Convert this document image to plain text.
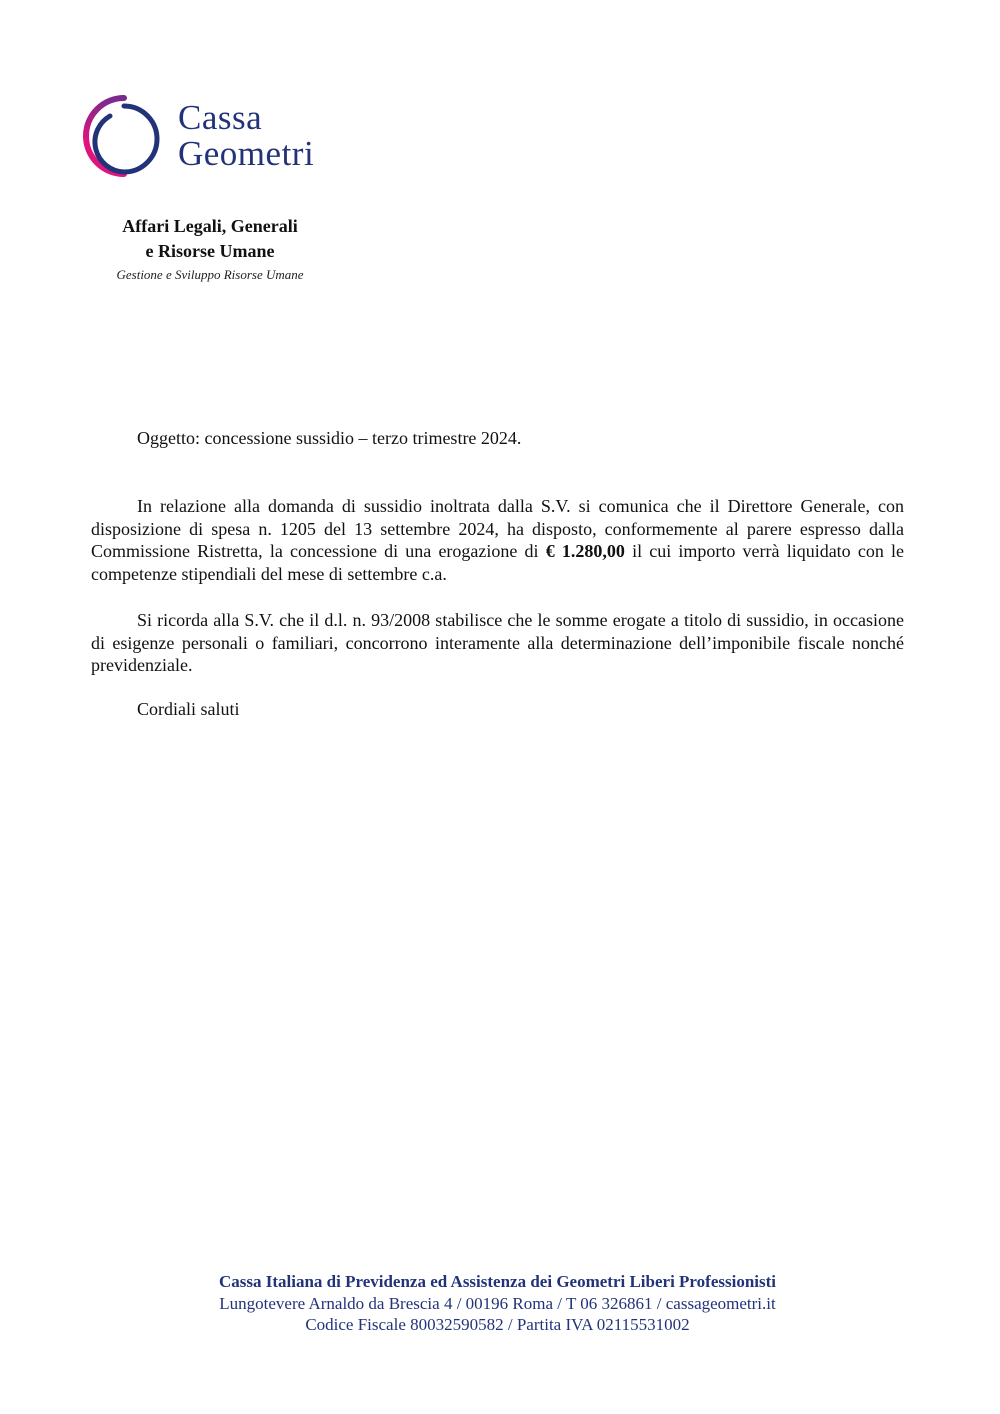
Cassa
Geometri
Affari Legali, Generali
e Risorse Umane
Gestione e Sviluppo Risorse Umane
Oggetto: concessione sussidio – terzo trimestre 2024.

In relazione alla domanda di sussidio inoltrata dalla S.V. si comunica che il Direttore Generale, con disposizione di spesa n. 1205 del 13 settembre 2024, ha disposto, conformemente al parere espresso dalla Commissione Ristretta, la concessione di una erogazione di € 1.280,00 il cui importo verrà liquidato con le competenze stipendiali del mese di settembre c.a.

Si ricorda alla S.V. che il d.l. n. 93/2008 stabilisce che le somme erogate a titolo di sussidio, in occasione di esigenze personali o familiari, concorrono interamente alla determinazione dell’imponibile fiscale nonché previdenziale.

Cordiali saluti
Cassa Italiana di Previdenza ed Assistenza dei Geometri Liberi Professionisti
Lungotevere Arnaldo da Brescia 4 / 00196 Roma / T 06 326861 / cassageometri.it
Codice Fiscale 80032590582 / Partita IVA 02115531002
